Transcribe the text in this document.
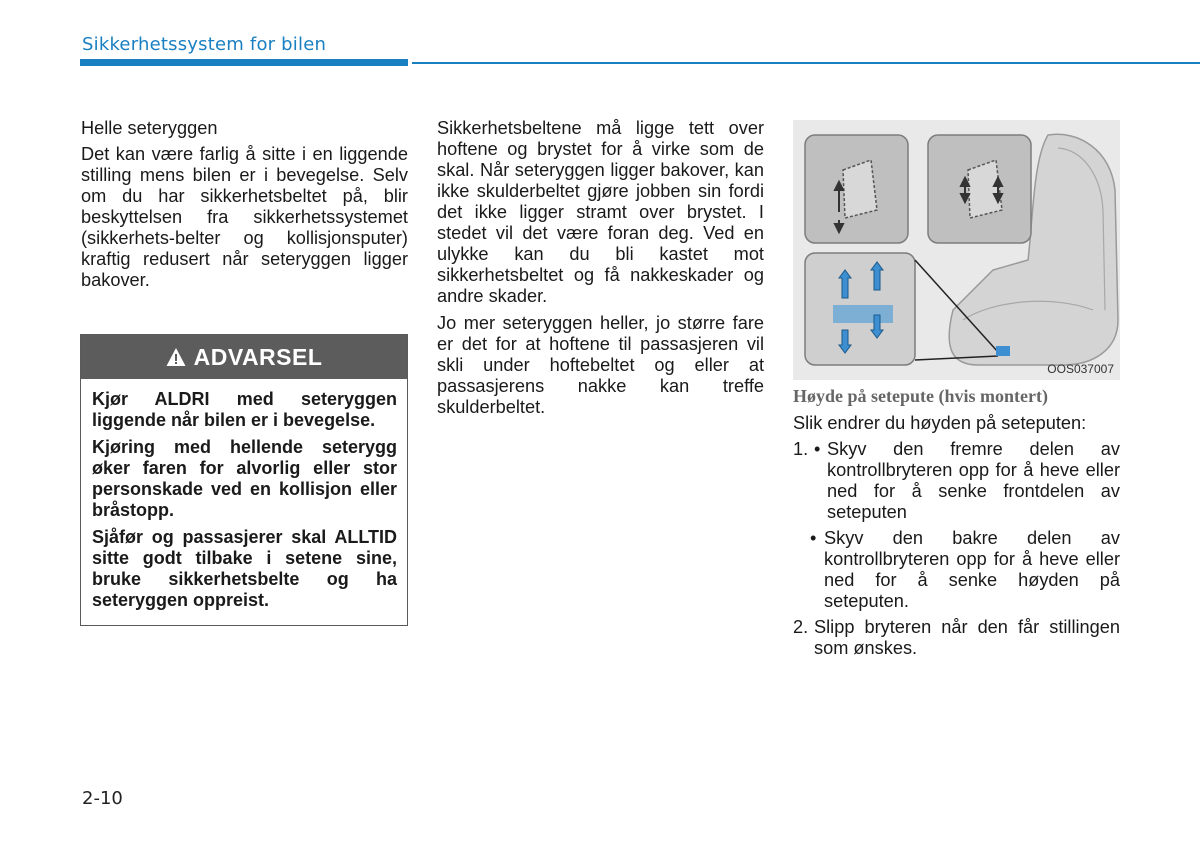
Sikkerhetssystem for bilen

Helle seteryggen

Det kan være farlig å sitte i en liggende stilling mens bilen er i bevegelse. Selv om du har sikkerhetsbeltet på, blir beskyttelsen fra sikkerhetssystemet (sikkerhets-belter og kollisjonsputer) kraftig redusert når seteryggen ligger bakover.

ADVARSEL

Kjør ALDRI med seteryggen liggende når bilen er i bevegelse.

Kjøring med hellende seterygg øker faren for alvorlig eller stor personskade ved en kollisjon eller bråstopp.

Sjåfør og passasjerer skal ALLTID sitte godt tilbake i setene sine, bruke sikkerhetsbelte og ha seteryggen oppreist.

Sikkerhetsbeltene må ligge tett over hoftene og brystet for å virke som de skal. Når seteryggen ligger bakover, kan ikke skulderbeltet gjøre jobben sin fordi det ikke ligger stramt over brystet. I stedet vil det være foran deg. Ved en ulykke kan du bli kastet mot sikkerhetsbeltet og få nakkeskader og andre skader.

Jo mer seteryggen heller, jo større fare er det for at hoftene til passasjeren vil skli under hoftebeltet og eller at passasjerens nakke kan treffe skulderbeltet.

OOS037007

Høyde på setepute (hvis montert)

Slik endrer du høyden på seteputen:

1. • Skyv den fremre delen av kontrollbryteren opp for å heve eller ned for å senke frontdelen av seteputen
• Skyv den bakre delen av kontrollbryteren opp for å heve eller ned for å senke høyden på seteputen.
2. Slipp bryteren når den får stillingen som ønskes.
2-10
